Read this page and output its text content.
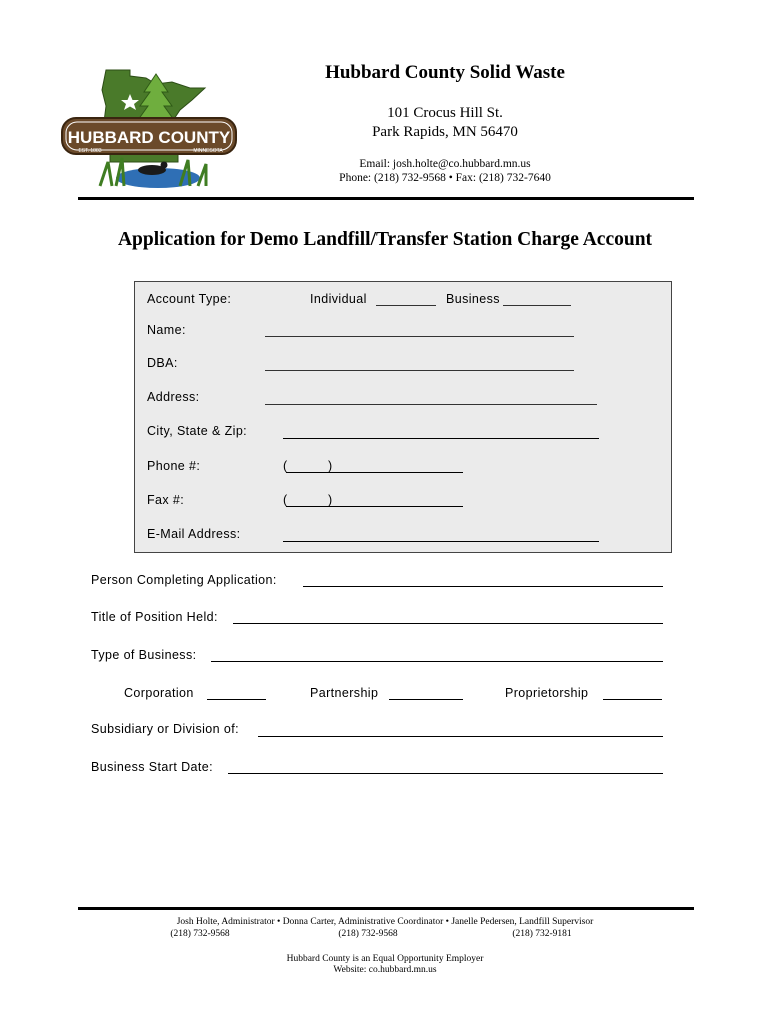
HUBBARD COUNTY
EST. 1883	MINNESOTA
Hubbard County Solid Waste
101 Crocus Hill St.
Park Rapids, MN 56470
Email: josh.holte@co.hubbard.mn.us
Phone: (218) 732-9568 • Fax: (218) 732-7640
Application for Demo Landfill/Transfer Station Charge Account
Account Type:	Individual	Business
Name:
DBA:
Address:
City, State & Zip:
Phone #:	(	)
Fax #:	(	)
E-Mail Address:
Person Completing Application:
Title of Position Held:
Type of Business:
Corporation	Partnership	Proprietorship
Subsidiary or Division of:
Business Start Date:
Josh Holte, Administrator • Donna Carter, Administrative Coordinator • Janelle Pedersen, Landfill Supervisor
(218) 732-9568	(218) 732-9568	(218) 732-9181
Hubbard County is an Equal Opportunity Employer
Website: co.hubbard.mn.us
